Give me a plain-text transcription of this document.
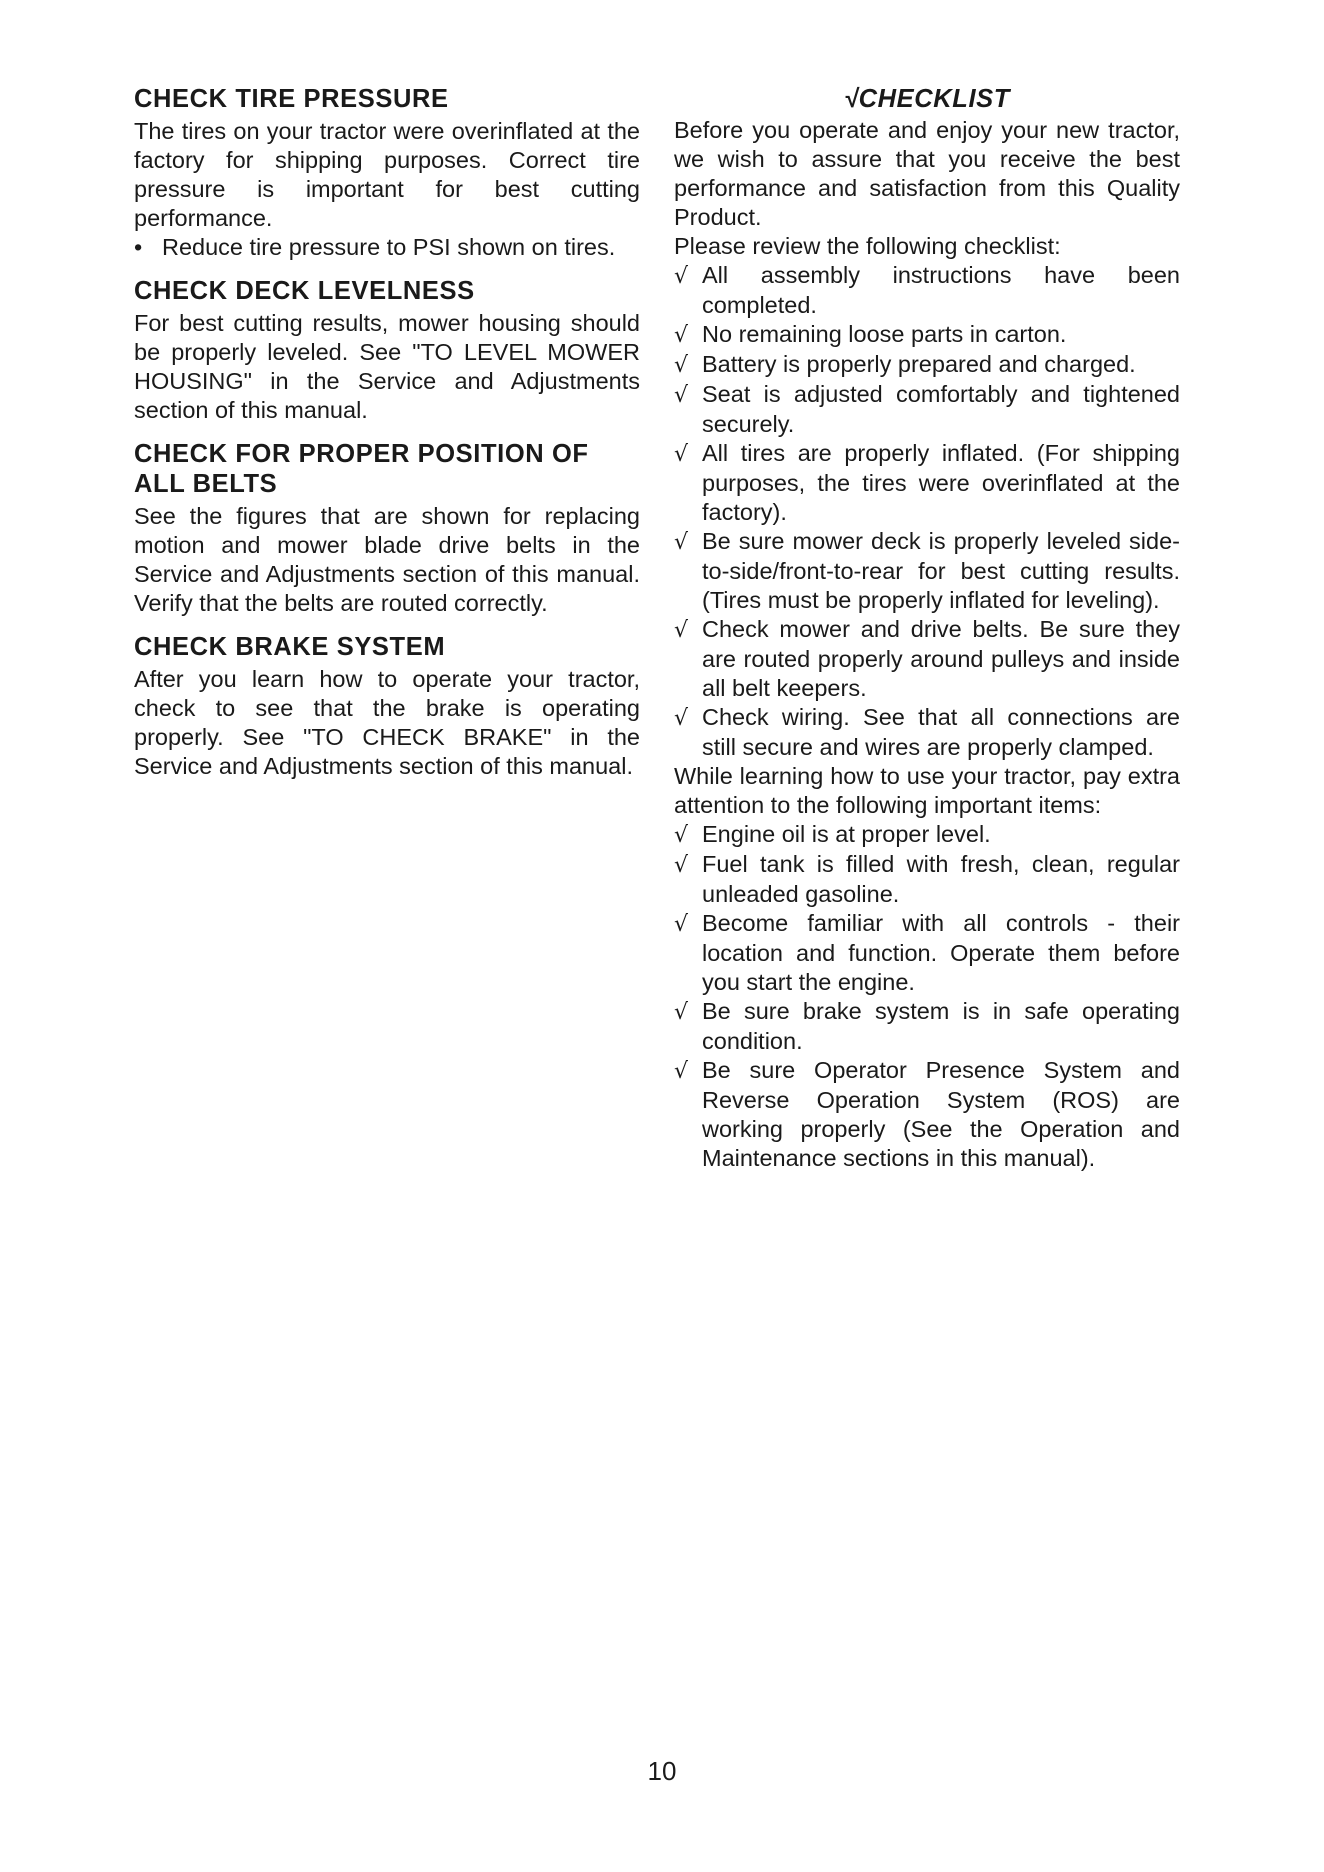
CHECK TIRE PRESSURE

The tires on your tractor were overinflated at the factory for shipping purposes. Correct tire pressure is important for best cutting performance.

• Reduce tire pressure to PSI shown on tires.

CHECK DECK LEVELNESS

For best cutting results, mower housing should be properly leveled. See "TO LEVEL MOWER HOUSING" in the Service and Adjustments section of this manual.

CHECK FOR PROPER POSITION OF ALL BELTS

See the figures that are shown for replacing motion and mower blade drive belts in the Service and Adjustments section of this manual. Verify that the belts are routed correctly.

CHECK BRAKE SYSTEM

After you learn how to operate your tractor, check to see that the brake is operating properly. See "TO CHECK BRAKE" in the Service and Adjustments section of this manual.

√CHECKLIST

Before you operate and enjoy your new tractor, we wish to assure that you receive the best performance and satisfaction from this Quality Product.

Please review the following checklist:

√ All assembly instructions have been completed.

√ No remaining loose parts in carton.

√ Battery is properly prepared and charged.

√ Seat is adjusted comfortably and tightened securely.

√ All tires are properly inflated. (For shipping purposes, the tires were overinflated at the factory).

√ Be sure mower deck is properly leveled side-to-side/front-to-rear for best cutting results. (Tires must be properly inflated for leveling).

√ Check mower and drive belts. Be sure they are routed properly around pulleys and inside all belt keepers.

√ Check wiring. See that all connections are still secure and wires are properly clamped.

While learning how to use your tractor, pay extra attention to the following important items:

√ Engine oil is at proper level.

√ Fuel tank is filled with fresh, clean, regular unleaded gasoline.

√ Become familiar with all controls - their location and function. Operate them before you start the engine.

√ Be sure brake system is in safe operating condition.

√ Be sure Operator Presence System and Reverse Operation System (ROS) are working properly (See the Operation and Maintenance sections in this manual).

10
